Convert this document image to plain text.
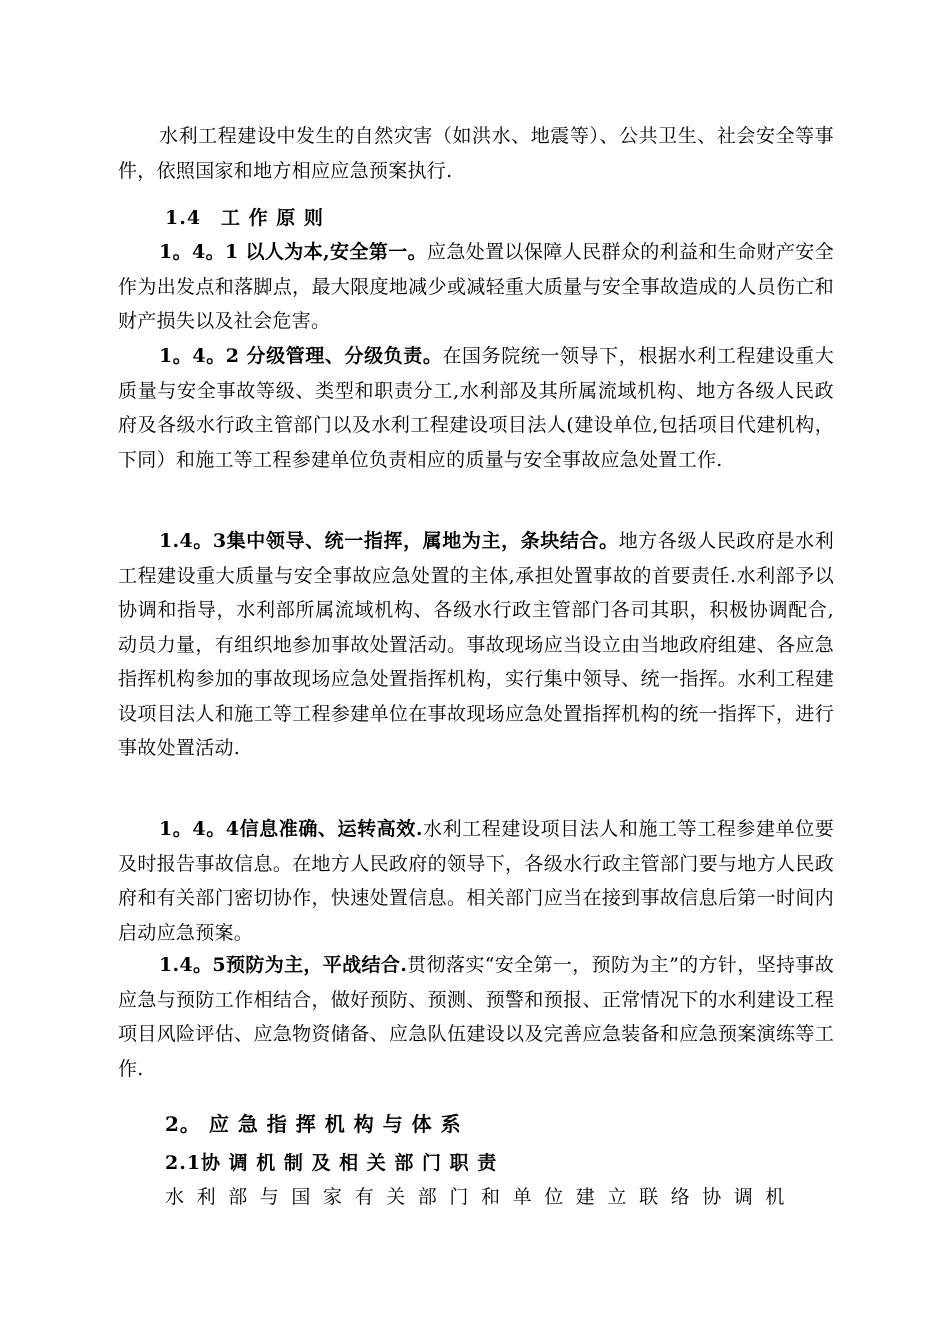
水利工程建设中发生的自然灾害（如洪水、地震等）、公共卫生、社会安全等事件，依照国家和地方相应应急预案执行.

1.4　工 作 原 则

1。4。1 以人为本,安全第一。应急处置以保障人民群众的利益和生命财产安全作为出发点和落脚点，最大限度地减少或减轻重大质量与安全事故造成的人员伤亡和财产损失以及社会危害。

1。4。2 分级管理、分级负责。在国务院统一领导下，根据水利工程建设重大质量与安全事故等级、类型和职责分工,水利部及其所属流域机构、地方各级人民政府及各级水行政主管部门以及水利工程建设项目法人(建设单位,包括项目代建机构，下同）和施工等工程参建单位负责相应的质量与安全事故应急处置工作.

1.4。3集中领导、统一指挥，属地为主，条块结合。地方各级人民政府是水利工程建设重大质量与安全事故应急处置的主体,承担处置事故的首要责任.水利部予以协调和指导，水利部所属流域机构、各级水行政主管部门各司其职，积极协调配合,动员力量，有组织地参加事故处置活动。事故现场应当设立由当地政府组建、各应急指挥机构参加的事故现场应急处置指挥机构，实行集中领导、统一指挥。水利工程建设项目法人和施工等工程参建单位在事故现场应急处置指挥机构的统一指挥下，进行事故处置活动.

1。4。4信息准确、运转高效.水利工程建设项目法人和施工等工程参建单位要及时报告事故信息。在地方人民政府的领导下，各级水行政主管部门要与地方人民政府和有关部门密切协作，快速处置信息。相关部门应当在接到事故信息后第一时间内启动应急预案。

1.4。5预防为主，平战结合.贯彻落实“安全第一，预防为主”的方针，坚持事故应急与预防工作相结合，做好预防、预测、预警和预报、正常情况下的水利建设工程项目风险评估、应急物资储备、应急队伍建设以及完善应急装备和应急预案演练等工作.

2。 应 急 指 挥 机 构 与 体 系
2.1协 调 机 制 及 相 关 部 门 职 责

水利部与国家有关部门和单位建立联络协调机
